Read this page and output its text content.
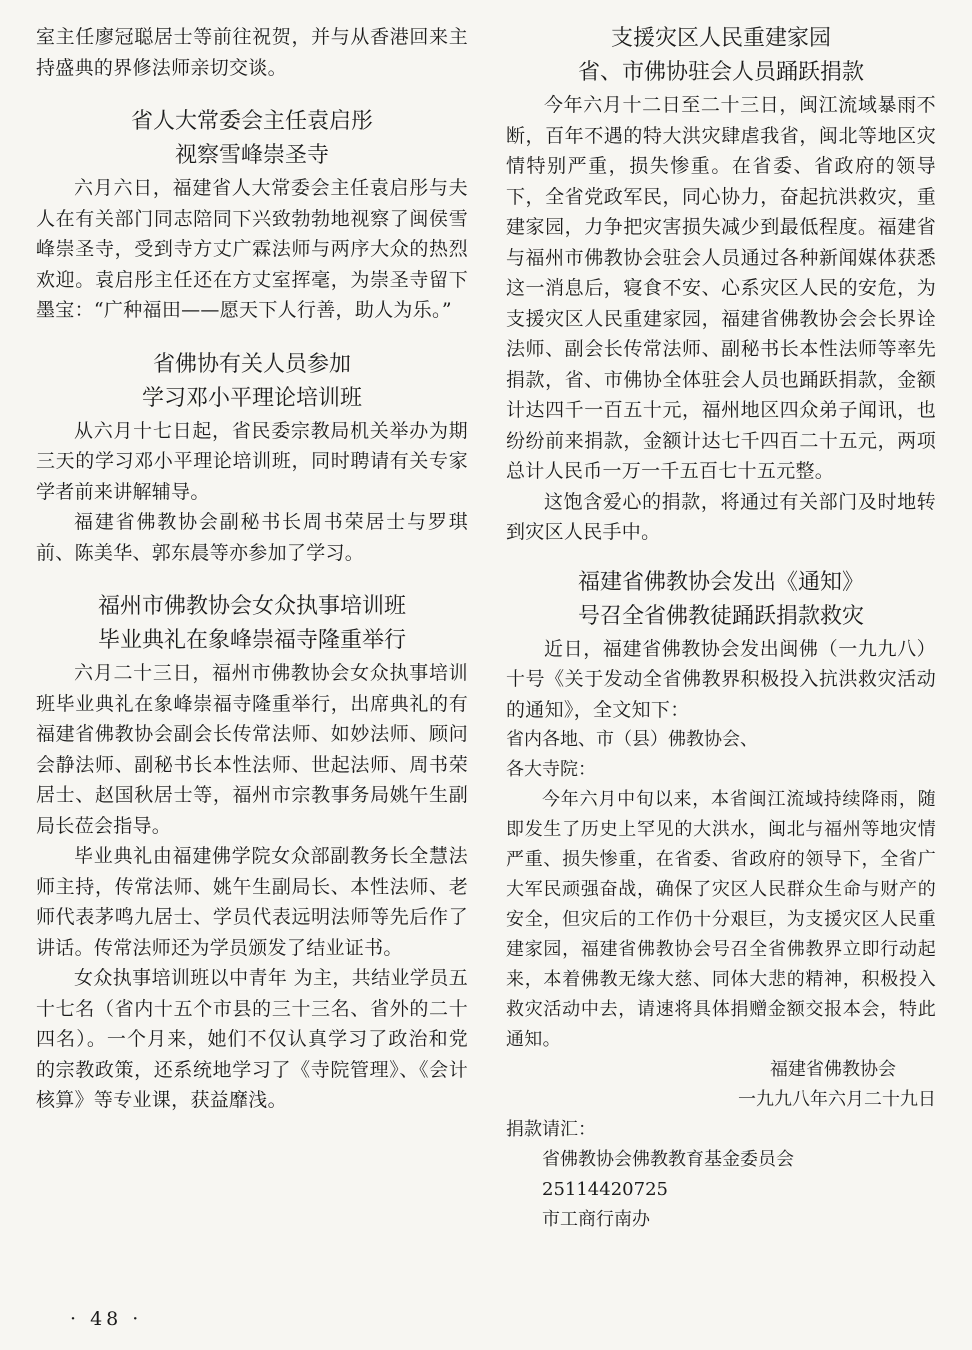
室主任廖冠聪居士等前往祝贺，并与从香港回来主持盛典的界修法师亲切交谈。

省人大常委会主任袁启彤
视察雪峰崇圣寺

六月六日，福建省人大常委会主任袁启彤与夫人在有关部门同志陪同下兴致勃勃地视察了闽侯雪峰崇圣寺，受到寺方丈广霖法师与两序大众的热烈欢迎。袁启彤主任还在方丈室挥毫，为崇圣寺留下墨宝：“广种福田——愿天下人行善，助人为乐。”

省佛协有关人员参加
学习邓小平理论培训班

从六月十七日起，省民委宗教局机关举办为期三天的学习邓小平理论培训班，同时聘请有关专家学者前来讲解辅导。

福建省佛教协会副秘书长周书荣居士与罗琪前、陈美华、郭东晨等亦参加了学习。

福州市佛教协会女众执事培训班
毕业典礼在象峰崇福寺隆重举行

六月二十三日，福州市佛教协会女众执事培训班毕业典礼在象峰崇福寺隆重举行，出席典礼的有福建省佛教协会副会长传常法师、如妙法师、顾问会静法师、副秘书长本性法师、世起法师、周书荣居士、赵国秋居士等，福州市宗教事务局姚午生副局长莅会指导。

毕业典礼由福建佛学院女众部副教务长全慧法师主持，传常法师、姚午生副局长、本性法师、老师代表茅鸣九居士、学员代表远明法师等先后作了讲话。传常法师还为学员颁发了结业证书。

女众执事培训班以中青年 为主，共结业学员五十七名（省内十五个市县的三十三名、省外的二十四名）。一个月来，她们不仅认真学习了政治和党的宗教政策，还系统地学习了《寺院管理》、《会计核算》等专业课，获益靡浅。

支援灾区人民重建家园
省、市佛协驻会人员踊跃捐款

今年六月十二日至二十三日，闽江流域暴雨不断，百年不遇的特大洪灾肆虐我省，闽北等地区灾情特别严重，损失惨重。在省委、省政府的领导下，全省党政军民，同心协力，奋起抗洪救灾，重建家园，力争把灾害损失减少到最低程度。福建省与福州市佛教协会驻会人员通过各种新闻媒体获悉这一消息后，寝食不安、心系灾区人民的安危，为支援灾区人民重建家园，福建省佛教协会会长界诠法师、副会长传常法师、副秘书长本性法师等率先捐款，省、市佛协全体驻会人员也踊跃捐款，金额计达四千一百五十元，福州地区四众弟子闻讯，也纷纷前来捐款，金额计达七千四百二十五元，两项总计人民币一万一千五百七十五元整。

这饱含爱心的捐款，将通过有关部门及时地转到灾区人民手中。

福建省佛教协会发出《通知》
号召全省佛教徒踊跃捐款救灾

近日，福建省佛教协会发出闽佛（一九九八）十号《关于发动全省佛教界积极投入抗洪救灾活动的通知》，全文知下：

省内各地、市（县）佛教协会、
各大寺院：

今年六月中旬以来，本省闽江流域持续降雨，随即发生了历史上罕见的大洪水，闽北与福州等地灾情严重、损失惨重，在省委、省政府的领导下，全省广大军民顽强奋战，确保了灾区人民群众生命与财产的安全，但灾后的工作仍十分艰巨，为支援灾区人民重建家园，福建省佛教协会号召全省佛教界立即行动起来，本着佛教无缘大慈、同体大悲的精神，积极投入救灾活动中去，请速将具体捐赠金额交报本会，特此通知。

福建省佛教协会
一九九八年六月二十九日
捐款请汇：
省佛教协会佛教教育基金委员会
25114420725
市工商行南办
· 48 ·
